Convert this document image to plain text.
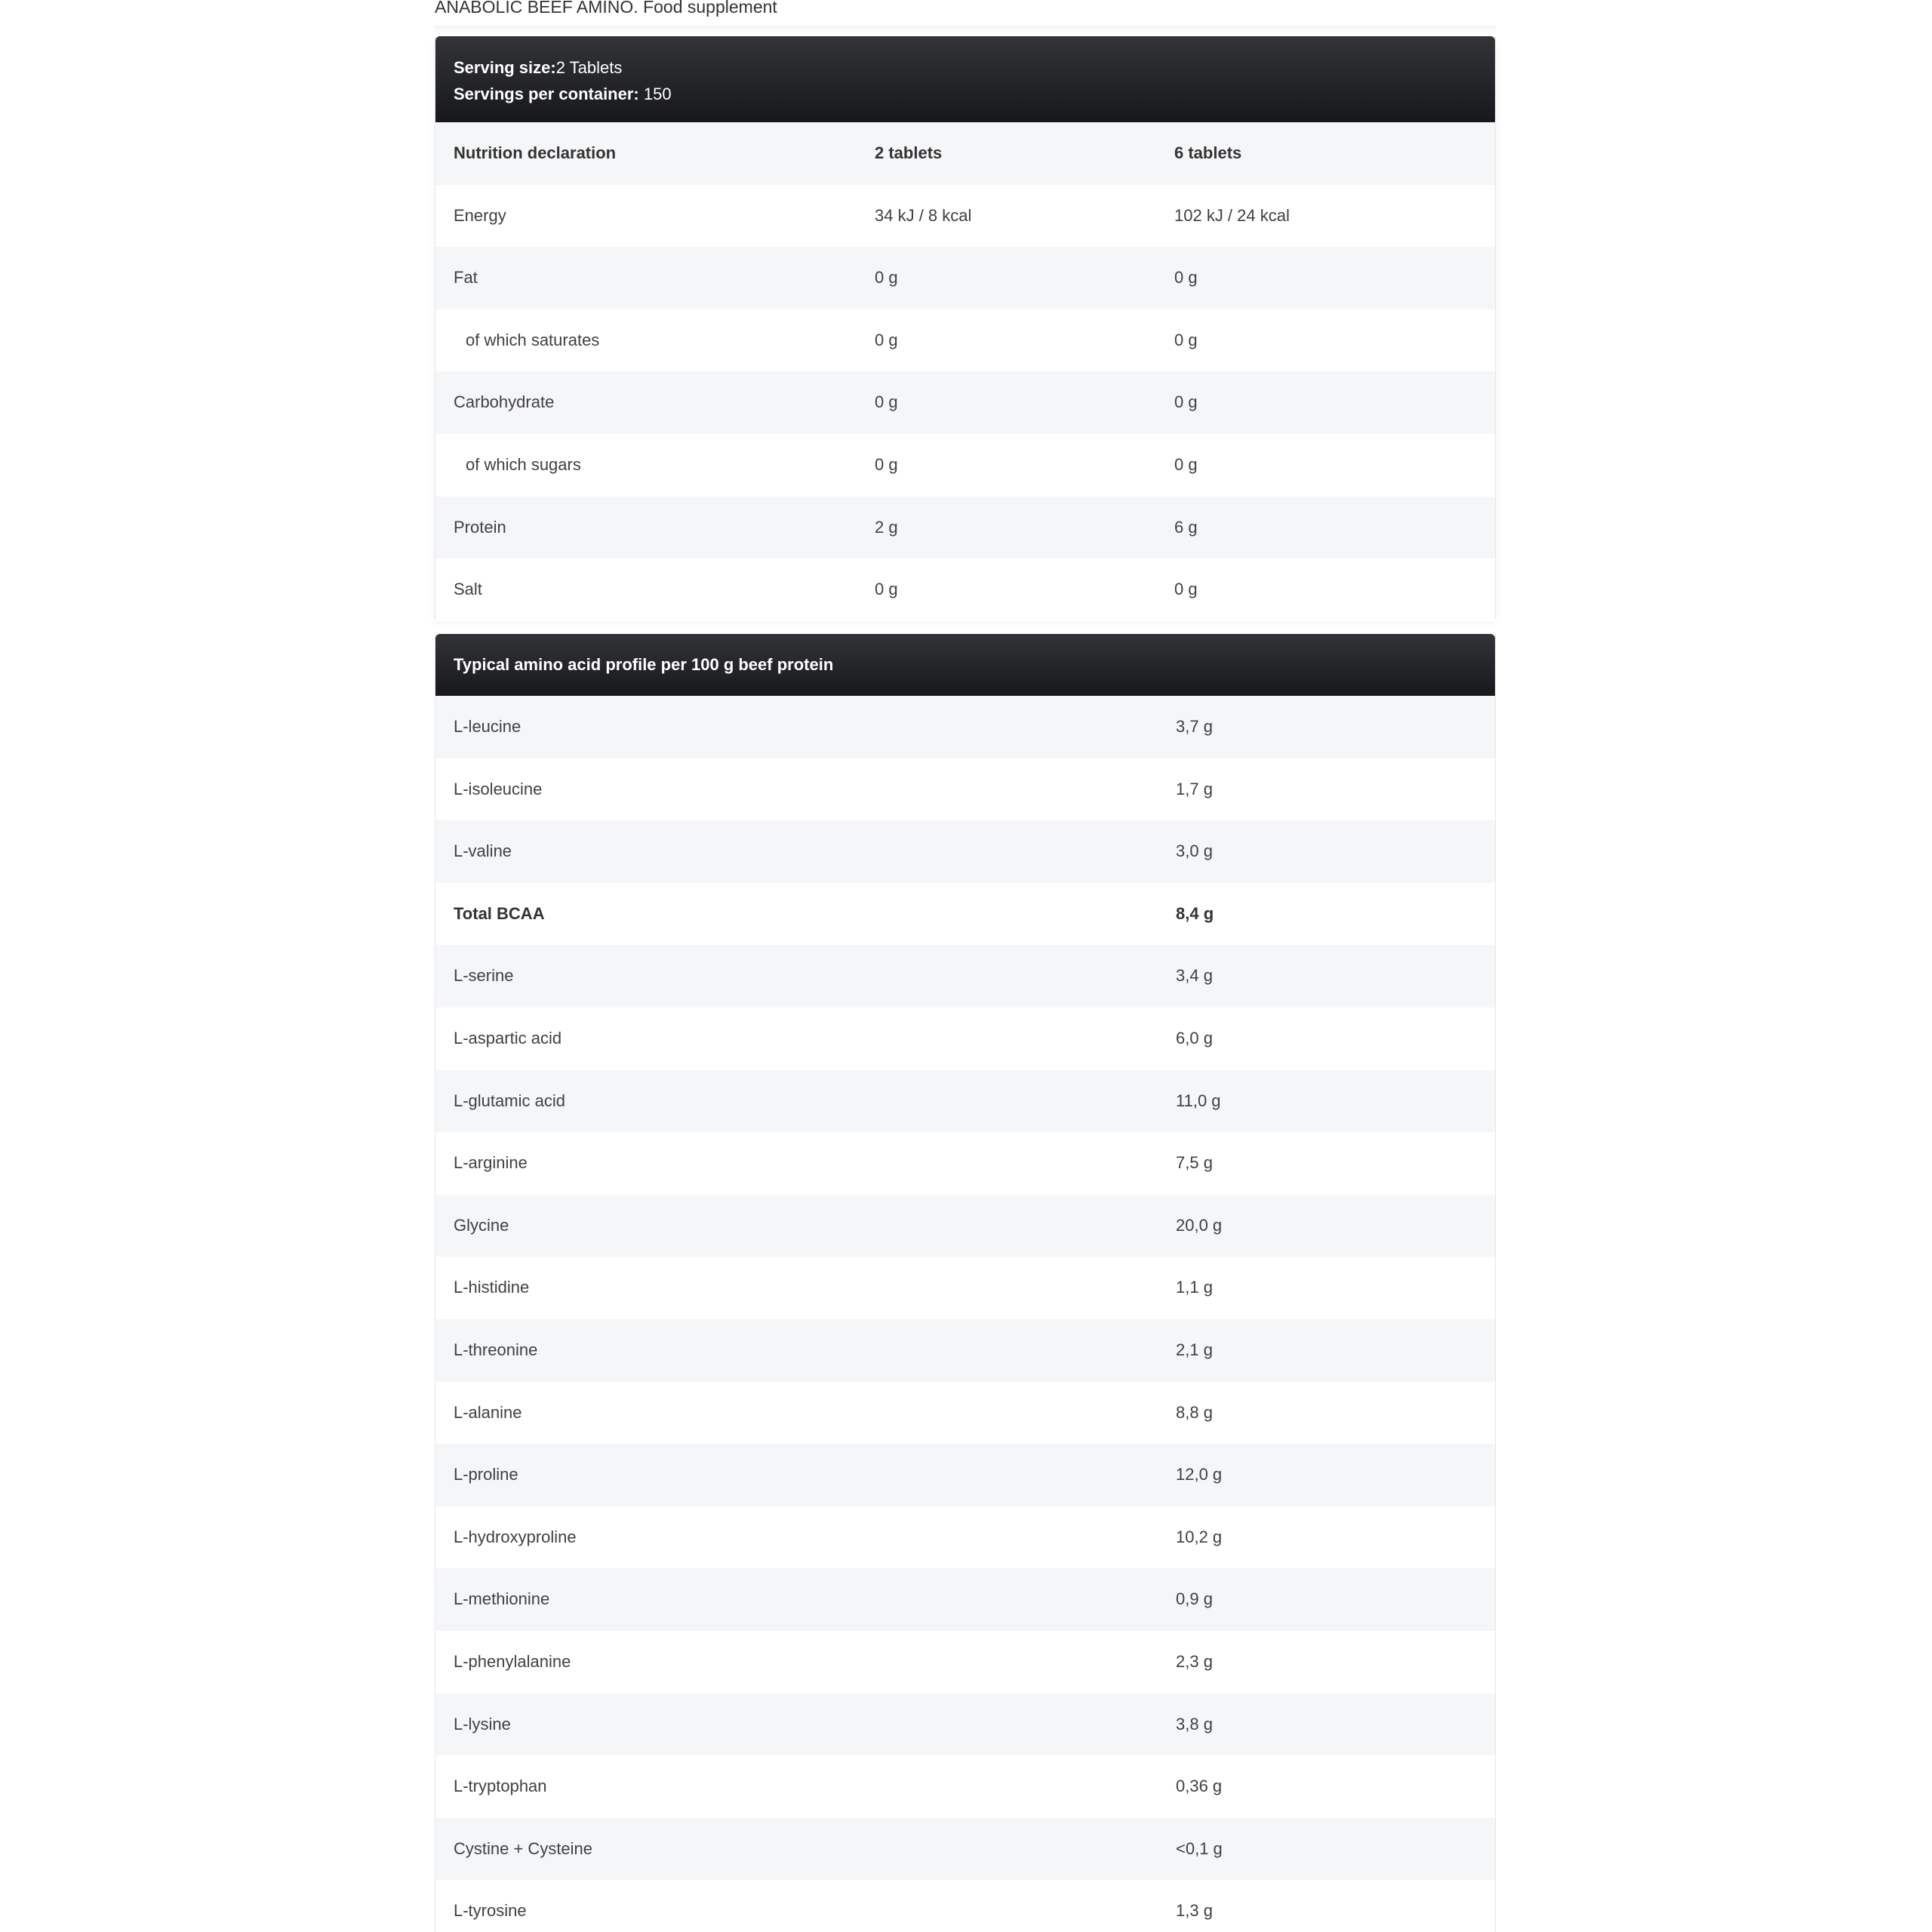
ANABOLIC BEEF AMINO. Food supplement
Serving size:2 Tablets
Servings per container: 150
Nutrition declaration	2 tablets	6 tablets
Energy	34 kJ / 8 kcal	102 kJ / 24 kcal
Fat	0 g	0 g
of which saturates	0 g	0 g
Carbohydrate	0 g	0 g
of which sugars	0 g	0 g
Protein	2 g	6 g
Salt	0 g	0 g
Typical amino acid profile per 100 g beef protein
L-leucine	3,7 g
L-isoleucine	1,7 g
L-valine	3,0 g
Total BCAA	8,4 g
L-serine	3,4 g
L-aspartic acid	6,0 g
L-glutamic acid	11,0 g
L-arginine	7,5 g
Glycine	20,0 g
L-histidine	1,1 g
L-threonine	2,1 g
L-alanine	8,8 g
L-proline	12,0 g
L-hydroxyproline	10,2 g
L-methionine	0,9 g
L-phenylalanine	2,3 g
L-lysine	3,8 g
L-tryptophan	0,36 g
Cystine + Cysteine	<0,1 g
L-tyrosine	1,3 g
